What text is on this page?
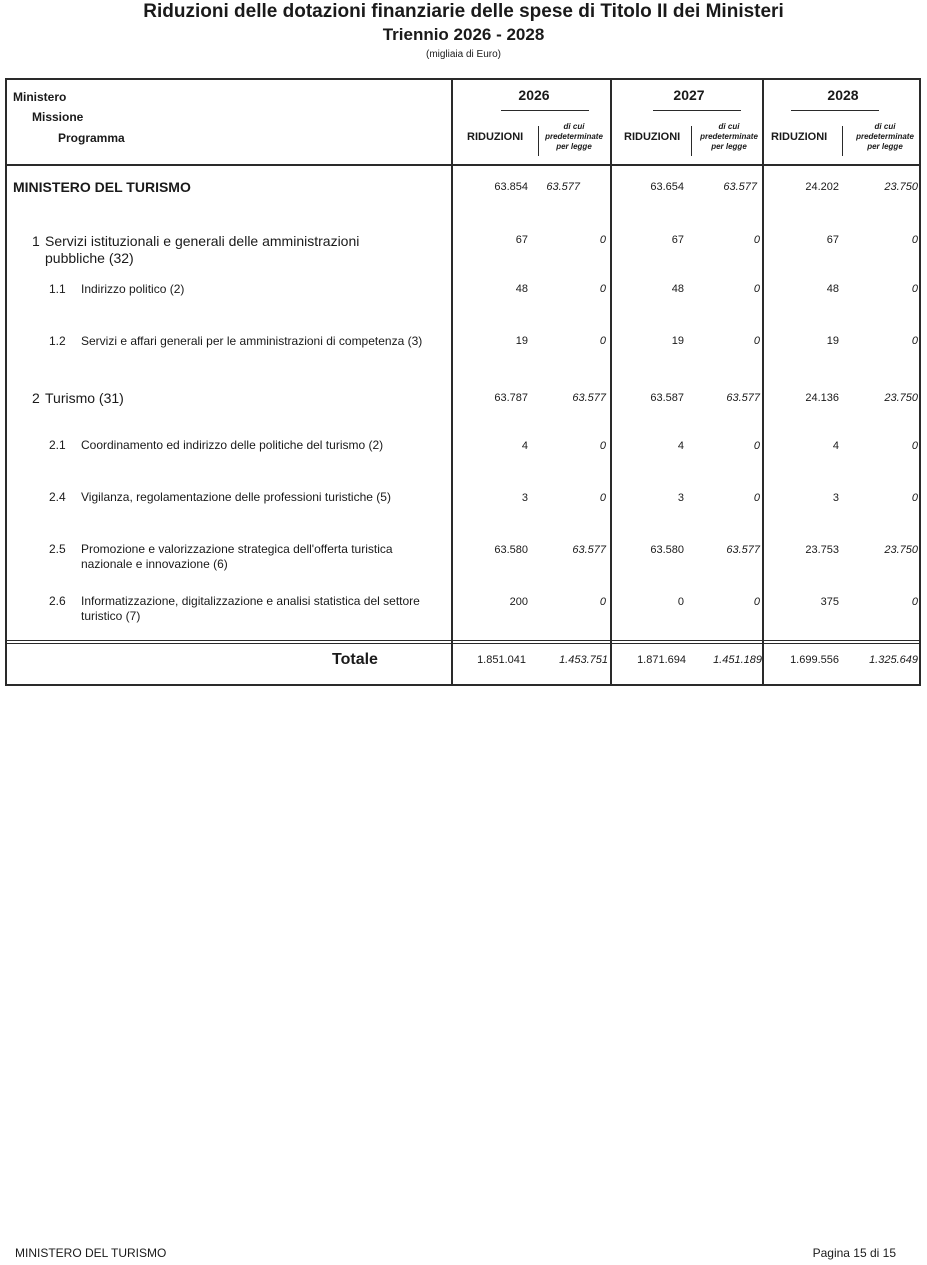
Riduzioni delle dotazioni finanziarie delle spese di Titolo II dei Ministeri
Triennio 2026 - 2028
(migliaia di Euro)
Ministero
Missione
Programma
2026	2027	2028
RIDUZIONI	RIDUZIONI	RIDUZIONI
di cui
predeterminate
per legge
di cui
predeterminate
per legge
di cui
predeterminate
per legge
MINISTERO DEL TURISMO	63.854	63.577	63.654	63.577	24.202	23.750
1 Servizi istituzionali e generali delle amministrazioni pubbliche (32)
67	0	67	0	67	0
1.1 Indirizzo politico (2)	48	0	48	0	48	0
1.2 Servizi e affari generali per le amministrazioni di competenza (3)	19	0	19	0	19	0
2 Turismo (31)	63.787	63.577	63.587	63.577	24.136	23.750
2.1 Coordinamento ed indirizzo delle politiche del turismo (2)	4	0	4	0	4	0
2.4 Vigilanza, regolamentazione delle professioni turistiche (5)	3	0	3	0	3	0
2.5 Promozione e valorizzazione strategica dell'offerta turistica nazionale e innovazione (6)
63.580	63.577	63.580	63.577	23.753	23.750
2.6 Informatizzazione, digitalizzazione e analisi statistica del settore turistico (7)
200	0	0	0	375	0
Totale	1.851.041	1.453.751	1.871.694	1.451.189	1.699.556	1.325.649
MINISTERO DEL TURISMO	Pagina 15 di 15
